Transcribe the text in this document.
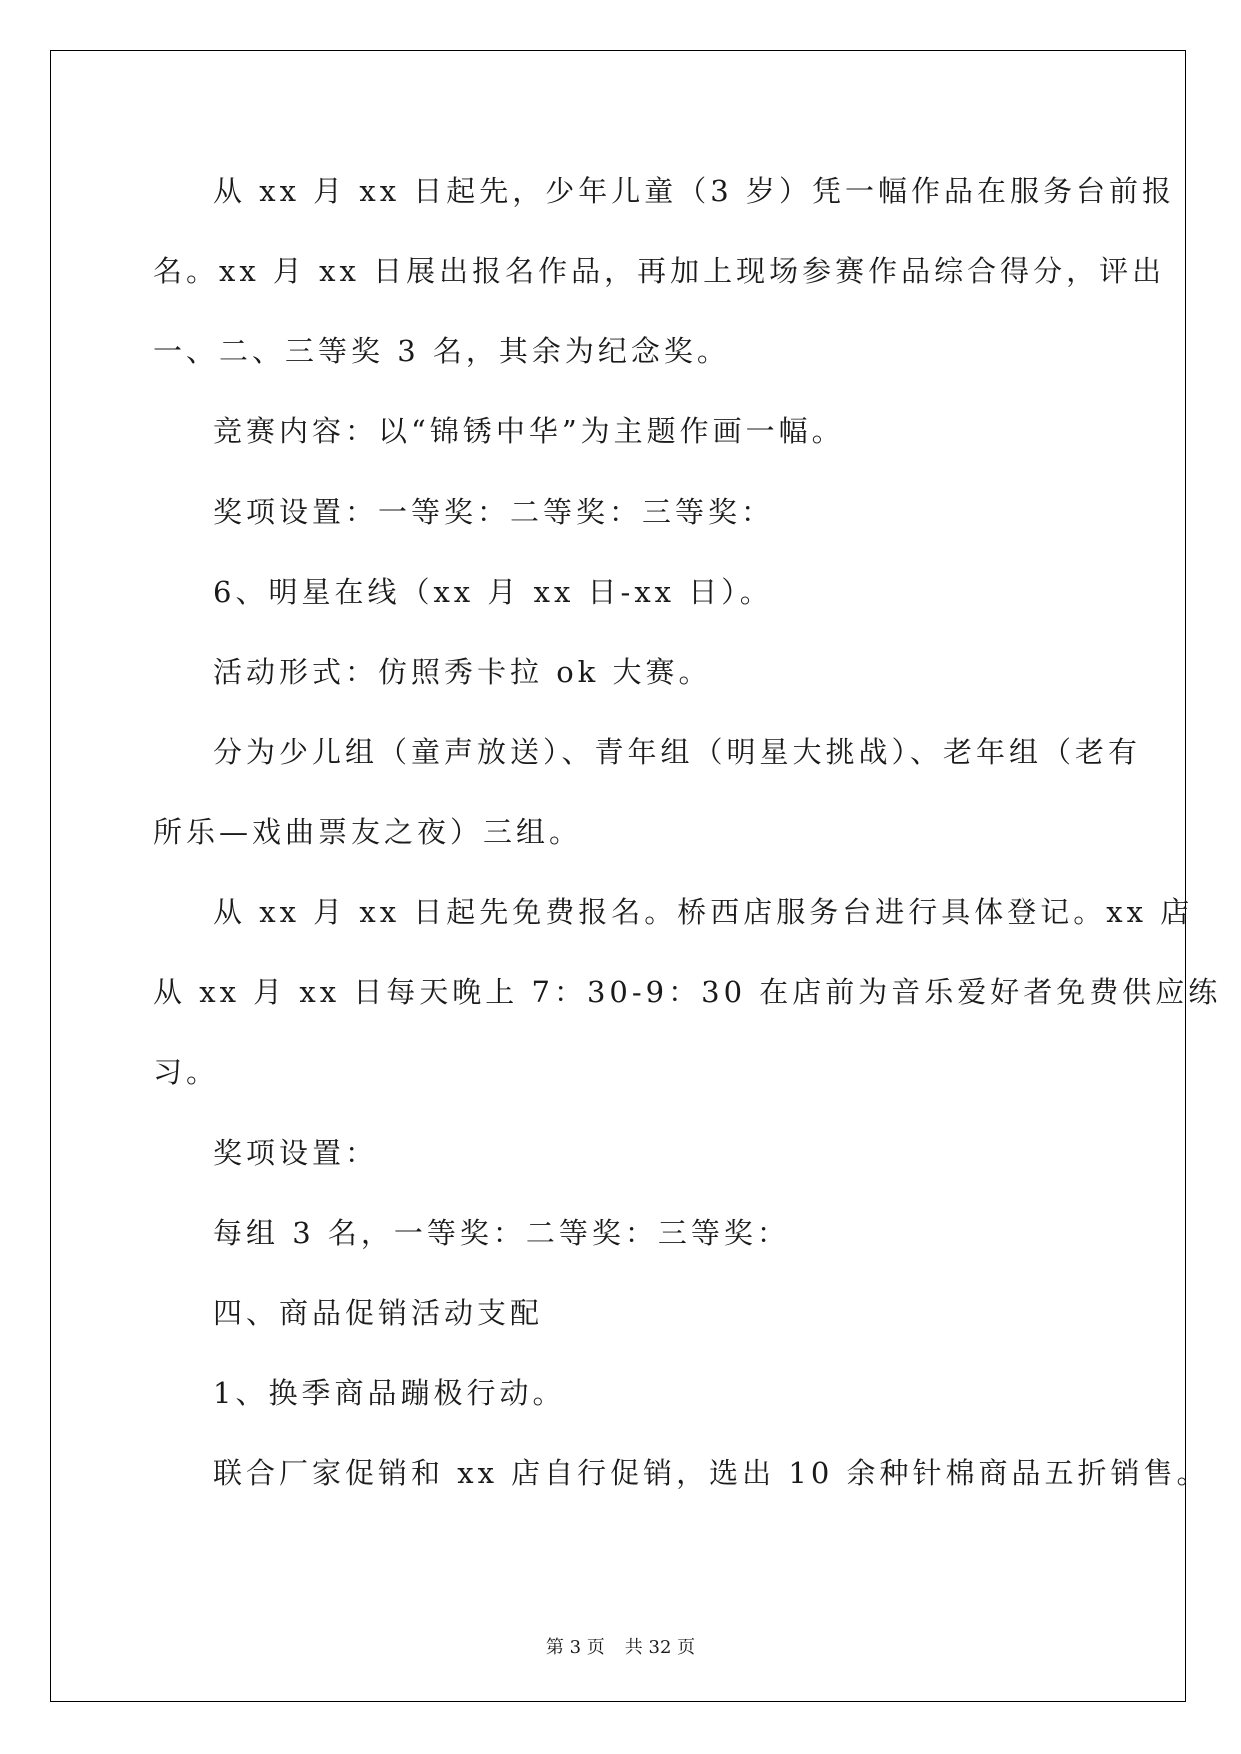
从 xx 月 xx 日起先，少年儿童（3 岁）凭一幅作品在服务台前报
名。xx 月 xx 日展出报名作品，再加上现场参赛作品综合得分，评出
一、二、三等奖 3 名，其余为纪念奖。
竞赛内容：以“锦锈中华”为主题作画一幅。
奖项设置：一等奖：二等奖：三等奖：
6、明星在线（xx 月 xx 日-xx 日）。
活动形式：仿照秀卡拉 ok 大赛。
分为少儿组（童声放送）、青年组（明星大挑战）、老年组（老有
所乐—戏曲票友之夜）三组。
从 xx 月 xx 日起先免费报名。桥西店服务台进行具体登记。xx 店
从 xx 月 xx 日每天晚上 7：30-9：30 在店前为音乐爱好者免费供应练
习。
奖项设置：
每组 3 名，一等奖：二等奖：三等奖：
四、商品促销活动支配
1、换季商品蹦极行动。
联合厂家促销和 xx 店自行促销，选出 10 余种针棉商品五折销售。
第 3 页 共 32 页
